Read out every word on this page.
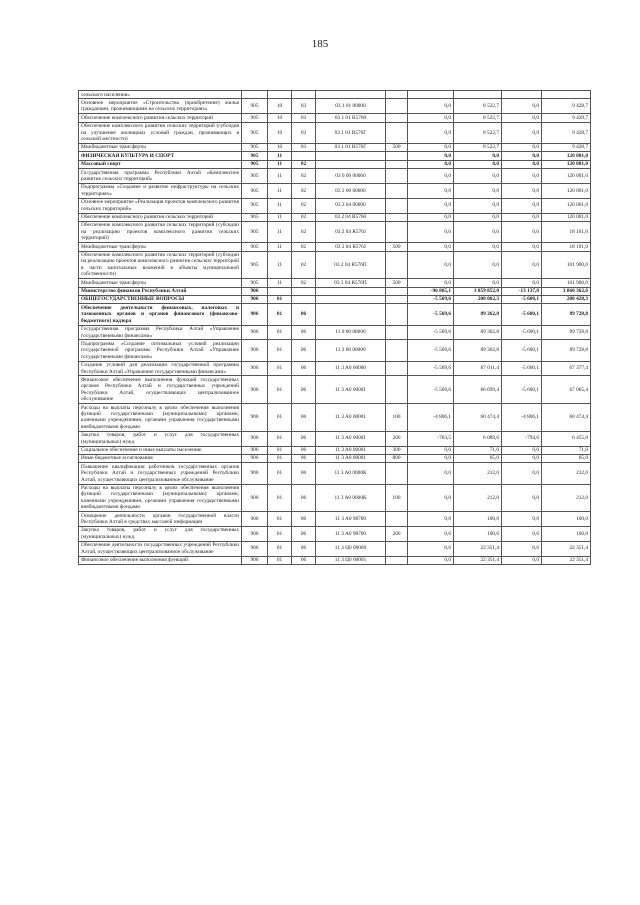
185
сельского населения»									
Основное мероприятие «Строительство (приобретение) жилья гражданами, проживающими на сельских территориях»	905	10	03	03 1 01 00000		0,0	8 522,7	0,0	9 428,7
Обеспечение комплексного развития сельских территорий	905	10	03	03 1 01 R5760		0,0	8 522,7	0,0	9 428,7
Обеспечение комплексного развития сельских территорий (субсидия на улучшение жилищных условий граждан, проживающих в сельской местности)	905	10	03	03 1 01 R576Г		0,0	8 522,7	0,0	9 428,7
Межбюджетные трансферты	905	10	03	03 1 01 R576Г	500	0,0	8 522,7	0,0	9 428,7
ФИЗИЧЕСКАЯ КУЛЬТУРА И СПОРТ	905	11				0,0	0,0	0,0	120 001,0
Массовый спорт	905	11	02			0,0	0,0	0,0	120 001,0
Государственная программа Республики Алтай «Комплексное развитие сельских территорий»	905	11	02	03 0 00 00000		0,0	0,0	0,0	120 001,0
Подпрограмма «Создание и развитие инфраструктуры на сельских территориях»	905	11	02	03 2 00 00000		0,0	0,0	0,0	120 001,0
Основное мероприятие «Реализация проектов комплексного развития сельских территорий»	905	11	02	03 2 04 00000		0,0	0,0	0,0	120 001,0
Обеспечение комплексного развития сельских территорий	905	11	02	03 2 04 R5760		0,0	0,0	0,0	120 001,0
Обеспечение комплексного развития сельских территорий (субсидии на реализацию проектов комплексного развития сельских территорий)	905	11	02	03 2 04 R576J		0,0	0,0	0,0	18 101,0
Межбюджетные трансферты	905	11	02	03 2 04 R576J	500	0,0	0,0	0,0	18 101,0
Обеспечение комплексного развития сельских территорий (субсидии на реализацию проектов комплексного развития сельских территорий в части капитальных вложений в объекты муниципальной собственности)	905	11	02	03 2 04 R576П		0,0	0,0	0,0	101 900,0
Межбюджетные трансферты	905	11	02	03 2 04 R576П	500	0,0	0,0	0,0	101 900,0
Министерство финансов Республики Алтай	906					-96 865,1	3 059 852,0	-13 137,8	3 860 362,6
ОБЩЕГОСУДАРСТВЕННЫЕ ВОПРОСЫ	906	01				-5 569,6	200 062,3	-5 600,1	200 428,3
Обеспечение деятельности финансовых, налоговых и таможенных органов и органов финансового (финансово-бюджетного) надзора	906	01	06			-5 569,6	89 362,8	-5 600,1	89 728,8
Государственная программа Республики Алтай «Управление государственными финансами»	906	01	06	11 0 00 00000		-5 569,6	89 362,8	-5 600,1	89 728,8
Подпрограмма «Создание оптимальных условий реализации государственной программы Республики Алтай «Управление государственными финансами»	906	01	06	11 3 00 00000		-5 569,6	89 362,8	-5 600,1	89 728,8
Создание условий для реализации государственной программы Республики Алтай «Управление государственными финансами»	906	01	06	11 3 A0 00000		-5 569,6	67 011,4	-5 600,1	67 377,4
Финансовое обеспечение выполнения функций государственных органов Республики Алтай и государственных учреждений Республики Алтай, осуществляющих централизованное обслуживание	906	01	06	11 3 A0 00001		-5 569,6	66 699,4	-5 600,1	67 065,4
Расходы на выплаты персоналу в целях обеспечения выполнения функций государственными (муниципальными) органами, казенными учреждениями, органами управления государственными внебюджетными фондами	906	01	06	11 3 A0 00001	100	-4 806,1	60 474,4	-4 806,1	60 474,4
Закупка товаров, работ и услуг для государственных (муниципальных) нужд	906	01	06	11 3 A0 00001	200	-763,5	6 089,0	-794,0	6 455,0
Социальное обеспечение и иные выплаты населению	906	01	06	11 3 A0 00001	300	0,0	71,0	0,0	71,0
Иные бюджетные ассигнования	906	01	06	11 3 A0 00001	800	0,0	65,0	0,0	65,0
Повышение квалификации работников государственных органов Республики Алтай и государственных учреждений Республики Алтай, осуществляющих централизованное обслуживание	906	01	06	11 3 A0 0000К		0,0	212,0	0,0	212,0
Расходы на выплаты персоналу в целях обеспечения выполнения функций государственными (муниципальными) органами, казенными учреждениями, органами управления государственными внебюджетными фондами	906	01	06	11 3 A0 0000К	100	0,0	212,0	0,0	212,0
Освещение деятельности органов государственной власти Республики Алтай в средствах массовой информации	906	01	06	11 3 A0 98700		0,0	100,0	0,0	100,0
Закупка товаров, работ и услуг для государственных (муниципальных) нужд	906	01	06	11 3 A0 98700	200	0,0	100,0	0,0	100,0
Обеспечение деятельности государственных учреждений Республики Алтай, осуществляющих централизованное обслуживание	906	01	06	11 3 Ц0 00000		0,0	22 351,4	0,0	22 351,4
Финансовое обеспечение выполнения функций	906	01	06	11 3 Ц0 00001		0,0	22 351,4	0,0	22 351,4
